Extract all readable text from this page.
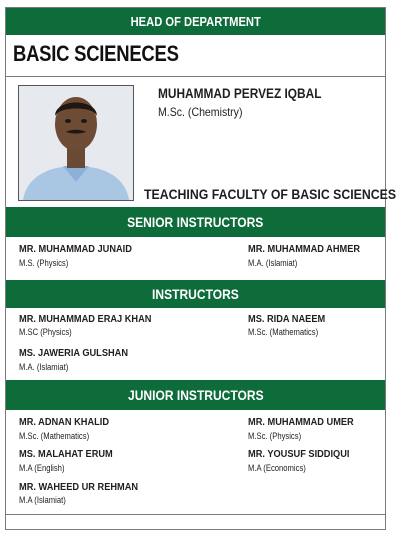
HEAD OF DEPARTMENT
BASIC SCIENECES
MUHAMMAD PERVEZ IQBAL
M.Sc. (Chemistry)
TEACHING FACULTY OF BASIC SCIENCES
SENIOR INSTRUCTORS
MR. MUHAMMAD JUNAID
M.S. (Physics)
MR. MUHAMMAD AHMER
M.A. (Islamiat)
INSTRUCTORS
MR. MUHAMMAD ERAJ KHAN
M.SC (Physics)
MS. RIDA NAEEM
M.Sc. (Mathematics)
MS. JAWERIA GULSHAN
M.A. (Islamiat)
JUNIOR INSTRUCTORS
MR. ADNAN KHALID
M.Sc. (Mathematics)
MR. MUHAMMAD UMER
M.Sc. (Physics)
MS. MALAHAT ERUM
M.A (English)
MR. YOUSUF SIDDIQUI
M.A (Economics)
MR. WAHEED UR REHMAN
M.A (Islamiat)
